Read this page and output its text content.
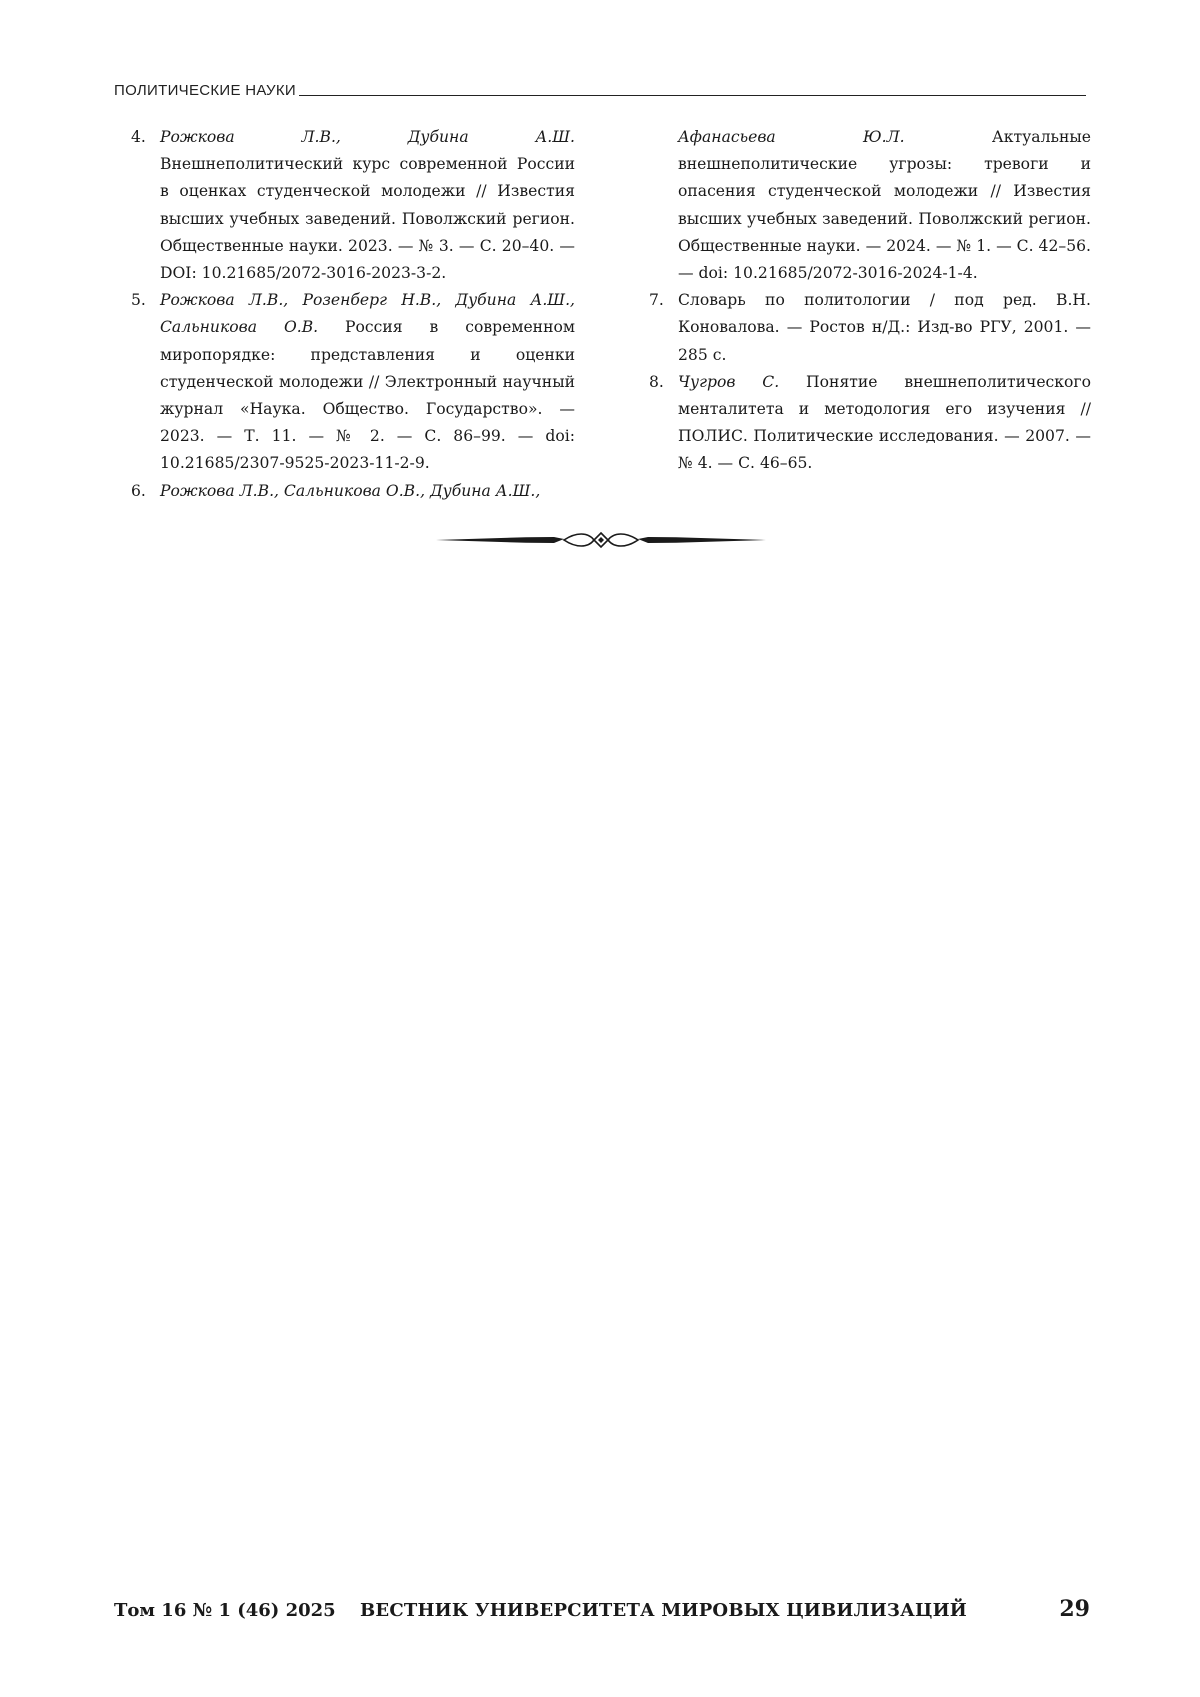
ПОЛИТИЧЕСКИЕ НАУКИ
4. Рожкова Л.В., Дубина А.Ш. Внешнеполитический курс современной России в оценках студенческой молодежи // Известия высших учебных заведений. Поволжский регион. Общественные науки. 2023. — № 3. — С. 20–40. — DOI: 10.21685/2072-3016-2023-3-2.
5. Рожкова Л.В., Розенберг Н.В., Дубина А.Ш., Сальникова О.В. Россия в современном миропорядке: представления и оценки студенческой молодежи // Электронный научный журнал «Наука. Общество. Государство». — 2023. — Т. 11. — № 2. — С. 86–99. — doi: 10.21685/2307-9525-2023-11-2-9.
6. Рожкова Л.В., Сальникова О.В., Дубина А.Ш.,
Афанасьева Ю.Л. Актуальные внешнеполитические угрозы: тревоги и опасения студенческой молодежи // Известия высших учебных заведений. Поволжский регион. Общественные науки. — 2024. — № 1. — С. 42–56. — doi: 10.21685/2072-3016-2024-1-4.
7. Словарь по политологии / под ред. В.Н. Коновалова. — Ростов н/Д.: Изд-во РГУ, 2001. — 285 с.
8. Чугров С. Понятие внешнеполитического менталитета и методология его изучения // ПОЛИС. Политические исследования. — 2007. — № 4. — С. 46–65.
Том 16 № 1 (46) 2025 ВЕСТНИК УНИВЕРСИТЕТА МИРОВЫХ ЦИВИЛИЗАЦИЙ	29
